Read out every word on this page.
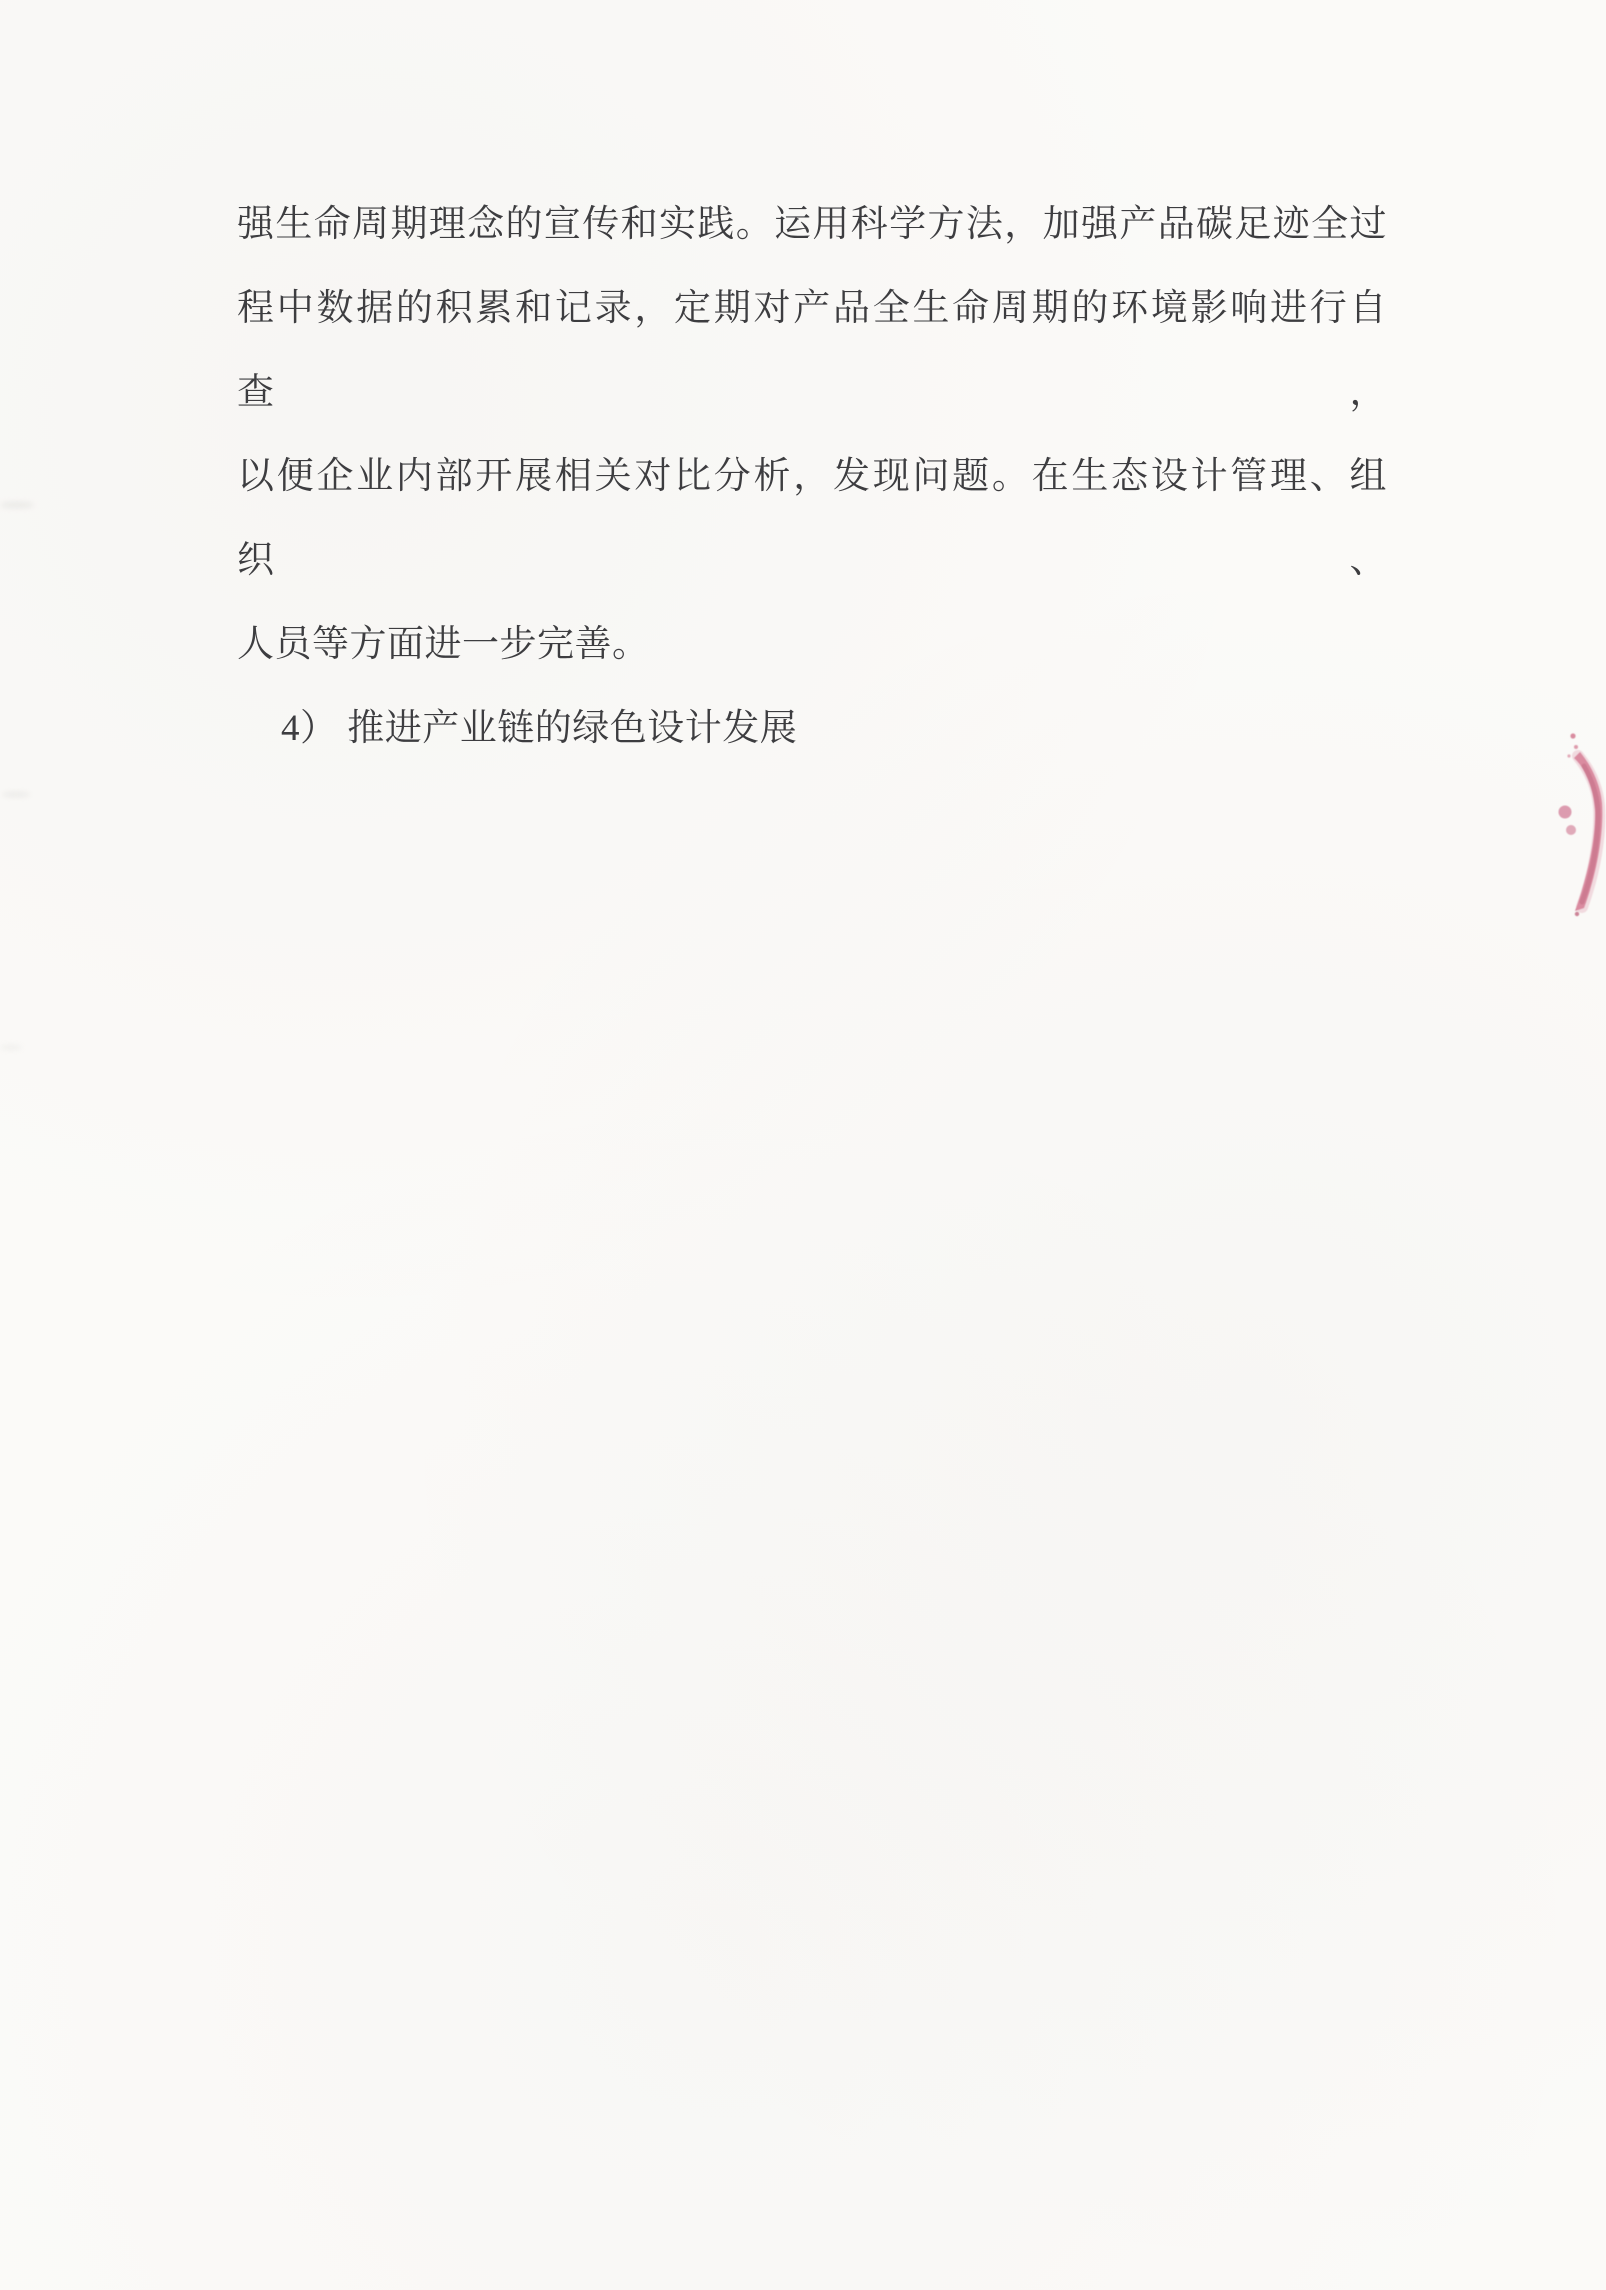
强生命周期理念的宣传和实践。运用科学方法，加强产品碳足迹全过
程中数据的积累和记录，定期对产品全生命周期的环境影响进行自查，
以便企业内部开展相关对比分析，发现问题。在生态设计管理、组织、
人员等方面进一步完善。
4） 推进产业链的绿色设计发展
